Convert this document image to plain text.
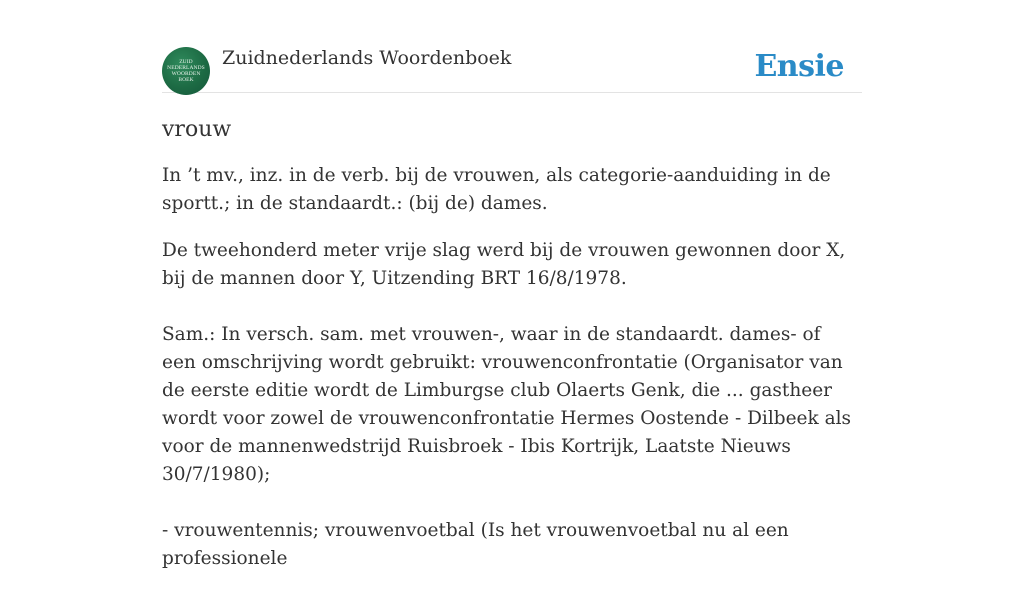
ZUID
NEDERLANDS
WOORDEN
BOEK
Zuidnederlands Woordenboek	Ensie
vrouw

In ’t mv., inz. in de verb. bij de vrouwen, als categorie-aanduiding in de sportt.; in de standaardt.: (bij de) dames.

De tweehonderd meter vrije slag werd bij de vrouwen gewonnen door X, bij de mannen door Y, Uitzending BRT 16/8/1978.

Sam.: In versch. sam. met vrouwen-, waar in de standaardt. dames- of een omschrijving wordt gebruikt: vrouwenconfrontatie (Organisator van de eerste editie wordt de Limburgse club Olaerts Genk, die ... gastheer wordt voor zowel de vrouwenconfrontatie Hermes Oostende - Dilbeek als voor de mannenwedstrijd Ruisbroek - Ibis Kortrijk, Laatste Nieuws 30/7/1980);

- vrouwentennis; vrouwenvoetbal (Is het vrouwenvoetbal nu al een professionele
